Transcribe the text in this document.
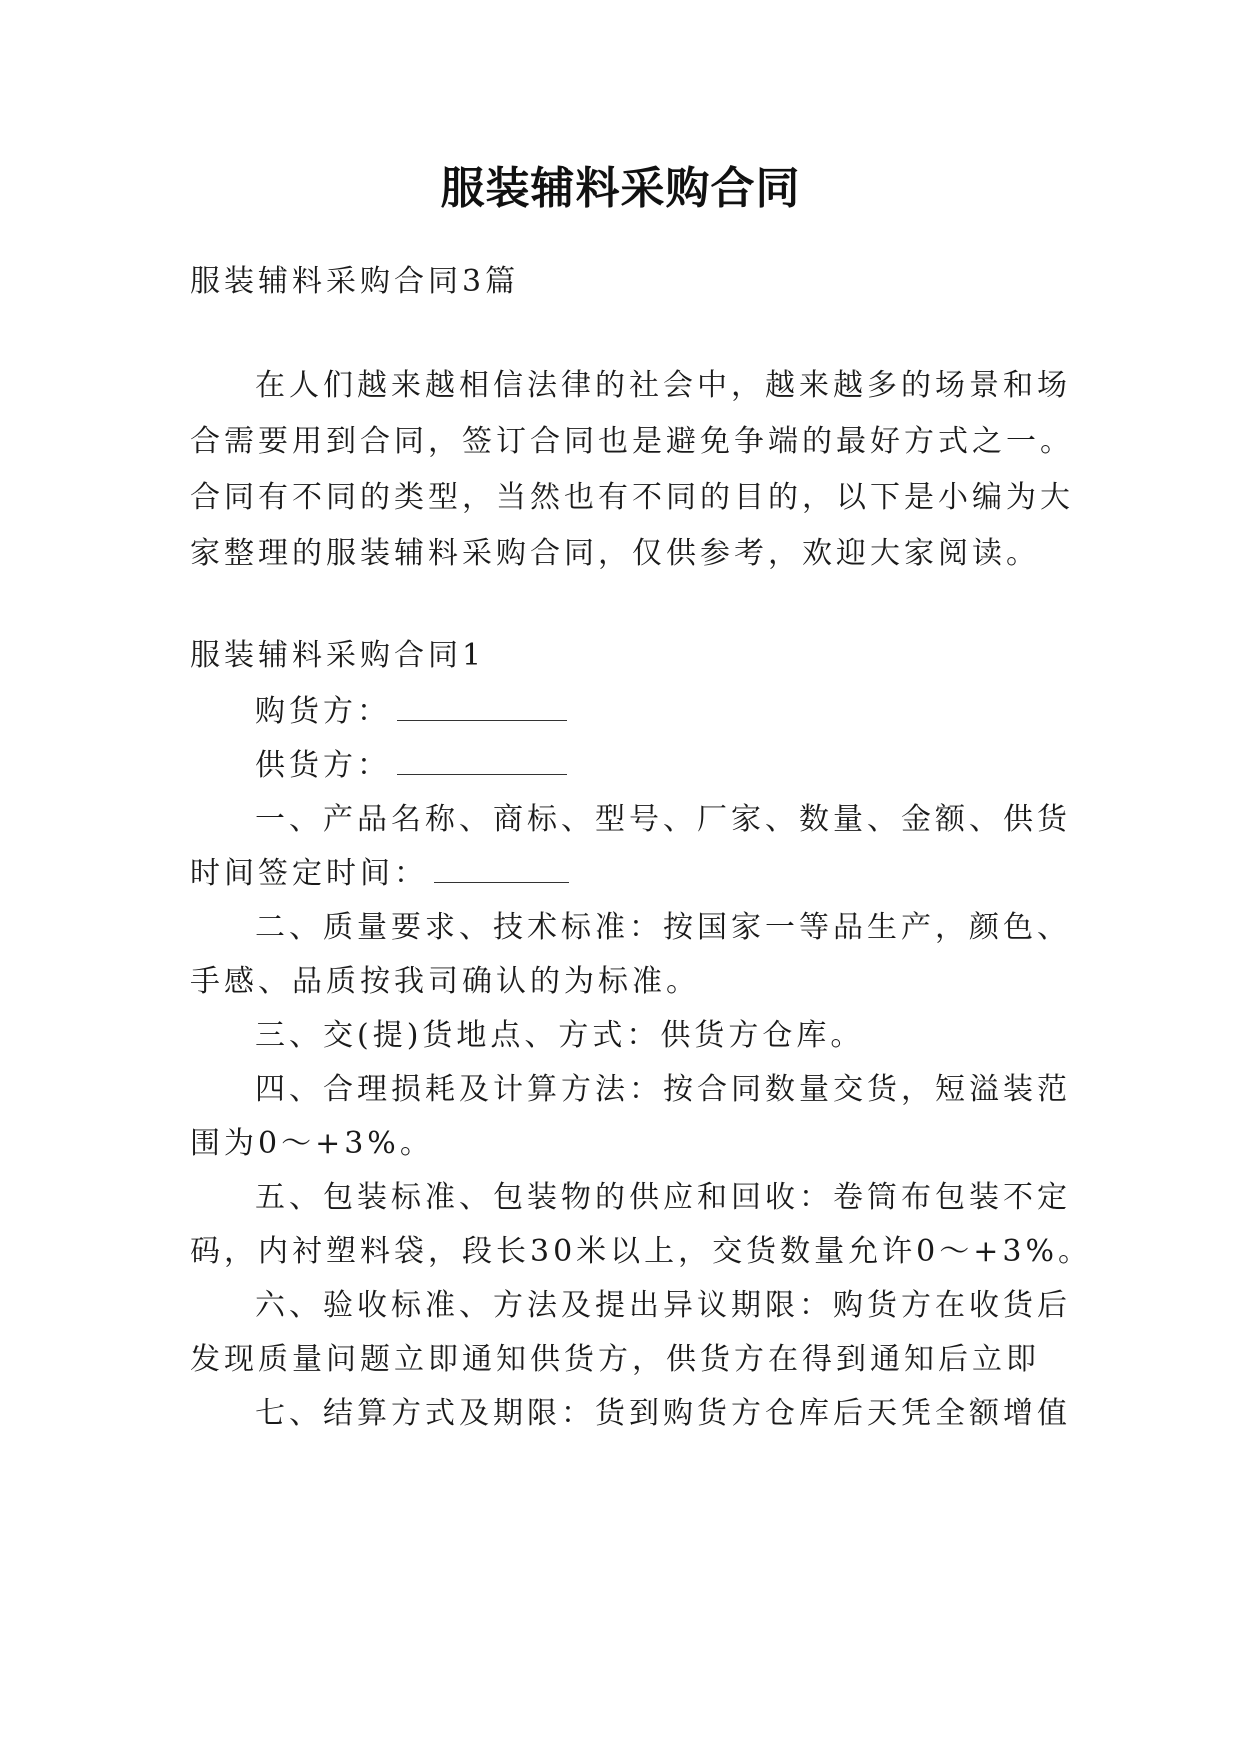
服装辅料采购合同
服装辅料采购合同3篇
在人们越来越相信法律的社会中，越来越多的场景和场
合需要用到合同，签订合同也是避免争端的最好方式之一。
合同有不同的类型，当然也有不同的目的，以下是小编为大
家整理的服装辅料采购合同，仅供参考，欢迎大家阅读。
服装辅料采购合同1
购货方：
供货方：
一、产品名称、商标、型号、厂家、数量、金额、供货
时间签定时间：
二、质量要求、技术标准：按国家一等品生产，颜色、
手感、品质按我司确认的为标准。
三、交(提)货地点、方式：供货方仓库。
四、合理损耗及计算方法：按合同数量交货，短溢装范
围为0～+3%。
五、包装标准、包装物的供应和回收：卷筒布包装不定
码，内衬塑料袋，段长30米以上，交货数量允许0～+3%。
六、验收标准、方法及提出异议期限：购货方在收货后
发现质量问题立即通知供货方，供货方在得到通知后立即
七、结算方式及期限：货到购货方仓库后天凭全额增值
